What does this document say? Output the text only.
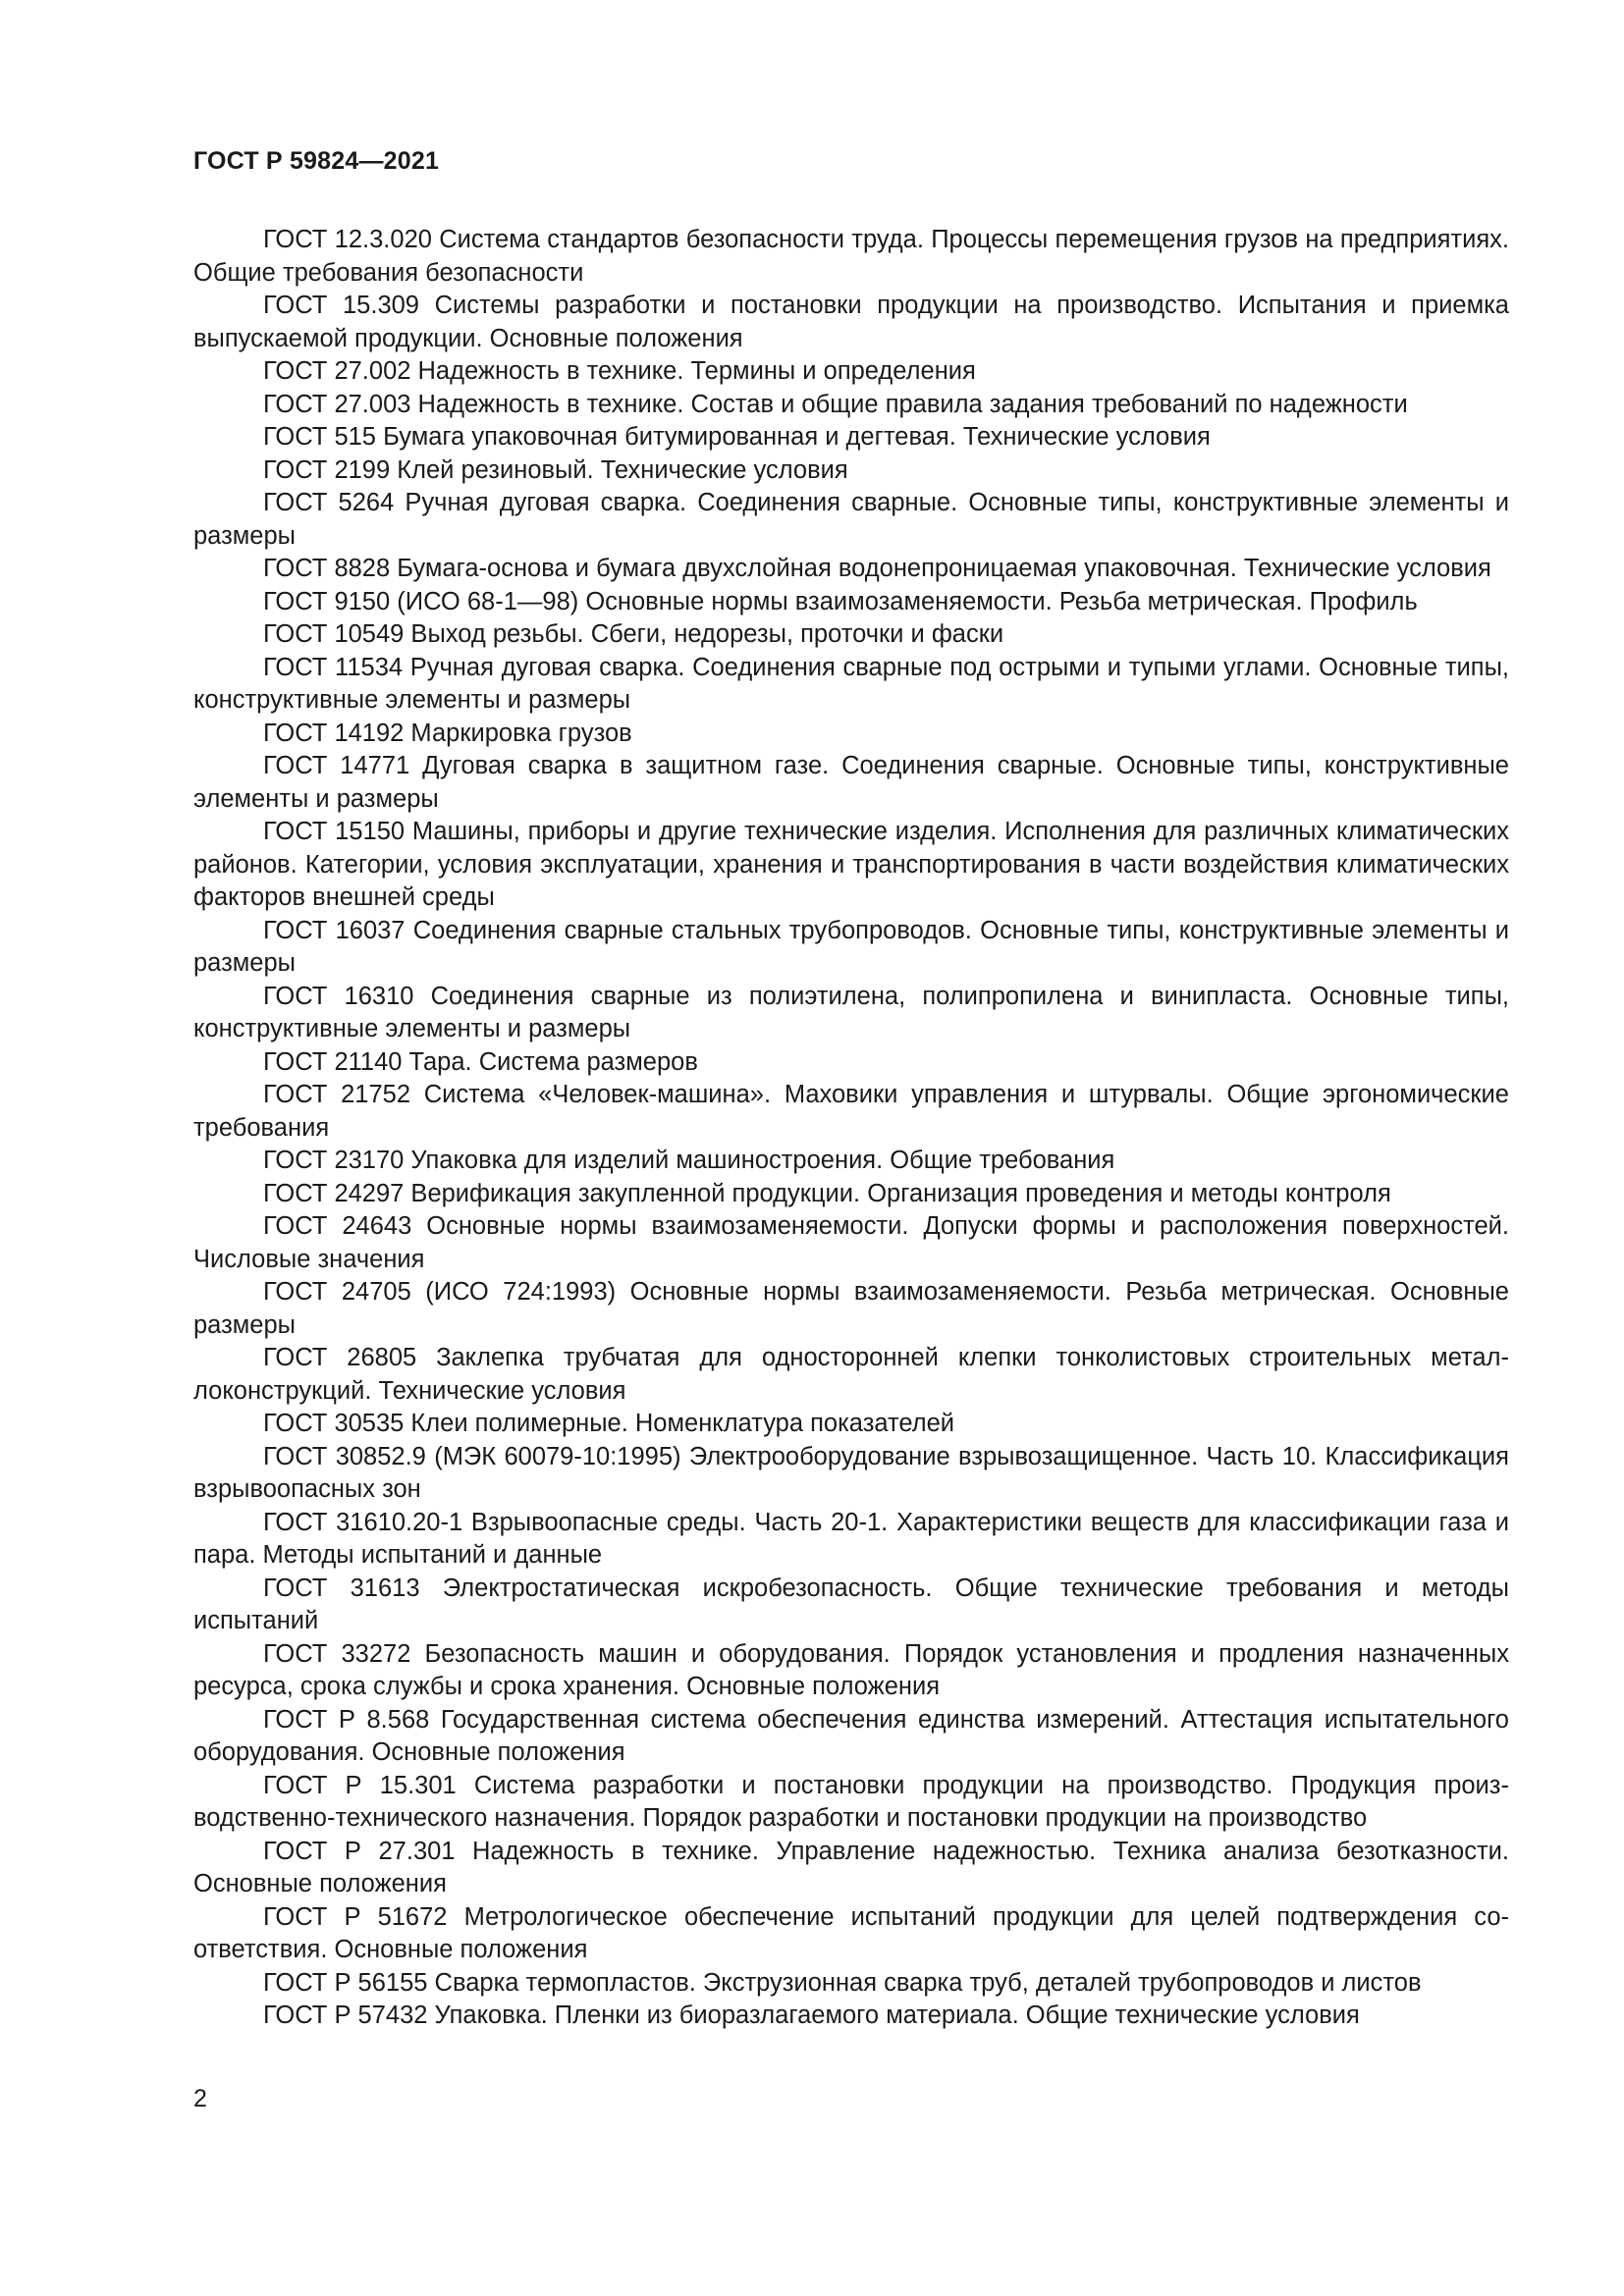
ГОСТ Р 59824—2021
ГОСТ 12.3.020 Система стандартов безопасности труда. Процессы перемещения грузов на предприятиях. Общие требования безопасности
ГОСТ 15.309 Системы разработки и постановки продукции на производство. Испытания и приемка выпускаемой продукции. Основные положения
ГОСТ 27.002 Надежность в технике. Термины и определения
ГОСТ 27.003 Надежность в технике. Состав и общие правила задания требований по надежности
ГОСТ 515 Бумага упаковочная битумированная и дегтевая. Технические условия
ГОСТ 2199 Клей резиновый. Технические условия
ГОСТ 5264 Ручная дуговая сварка. Соединения сварные. Основные типы, конструктивные элементы и размеры
ГОСТ 8828 Бумага-основа и бумага двухслойная водонепроницаемая упаковочная. Технические условия
ГОСТ 9150 (ИСО 68-1—98) Основные нормы взаимозаменяемости. Резьба метрическая. Профиль
ГОСТ 10549 Выход резьбы. Сбеги, недорезы, проточки и фаски
ГОСТ 11534 Ручная дуговая сварка. Соединения сварные под острыми и тупыми углами. Основные типы, конструктивные элементы и размеры
ГОСТ 14192 Маркировка грузов
ГОСТ 14771 Дуговая сварка в защитном газе. Соединения сварные. Основные типы, конструктивные элементы и размеры
ГОСТ 15150 Машины, приборы и другие технические изделия. Исполнения для различных климатических районов. Категории, условия эксплуатации, хранения и транспортирования в части воздействия климатических факторов внешней среды
ГОСТ 16037 Соединения сварные стальных трубопроводов. Основные типы, конструктивные элементы и размеры
ГОСТ 16310 Соединения сварные из полиэтилена, полипропилена и винипласта. Основные типы, конструктивные элементы и размеры
ГОСТ 21140 Тара. Система размеров
ГОСТ 21752 Система «Человек-машина». Маховики управления и штурвалы. Общие эргономические требования
ГОСТ 23170 Упаковка для изделий машиностроения. Общие требования
ГОСТ 24297 Верификация закупленной продукции. Организация проведения и методы контроля
ГОСТ 24643 Основные нормы взаимозаменяемости. Допуски формы и расположения поверхностей. Числовые значения
ГОСТ 24705 (ИСО 724:1993) Основные нормы взаимозаменяемости. Резьба метрическая. Основные размеры
ГОСТ 26805 Заклепка трубчатая для односторонней клепки тонколистовых строительных металлоконструкций. Технические условия
ГОСТ 30535 Клеи полимерные. Номенклатура показателей
ГОСТ 30852.9 (МЭК 60079-10:1995) Электрооборудование взрывозащищенное. Часть 10. Классификация взрывоопасных зон
ГОСТ 31610.20-1 Взрывоопасные среды. Часть 20-1. Характеристики веществ для классификации газа и пара. Методы испытаний и данные
ГОСТ 31613 Электростатическая искробезопасность. Общие технические требования и методы испытаний
ГОСТ 33272 Безопасность машин и оборудования. Порядок установления и продления назначенных ресурса, срока службы и срока хранения. Основные положения
ГОСТ Р 8.568 Государственная система обеспечения единства измерений. Аттестация испытательного оборудования. Основные положения
ГОСТ Р 15.301 Система разработки и постановки продукции на производство. Продукция производственно-технического назначения. Порядок разработки и постановки продукции на производство
ГОСТ Р 27.301 Надежность в технике. Управление надежностью. Техника анализа безотказности. Основные положения
ГОСТ Р 51672 Метрологическое обеспечение испытаний продукции для целей подтверждения соответствия. Основные положения
ГОСТ Р 56155 Сварка термопластов. Экструзионная сварка труб, деталей трубопроводов и листов
ГОСТ Р 57432 Упаковка. Пленки из биоразлагаемого материала. Общие технические условия

2
